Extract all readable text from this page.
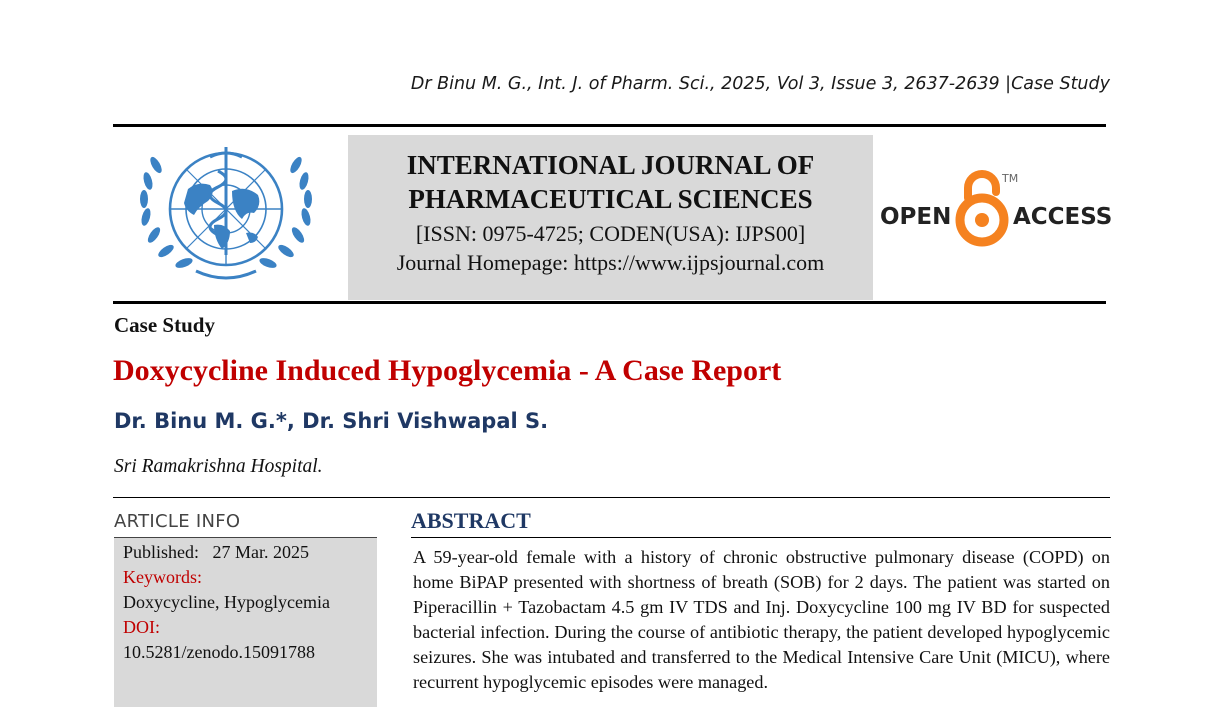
Dr Binu M. G., Int. J. of Pharm. Sci., 2025, Vol 3, Issue 3, 2637-2639 |Case Study
INTERNATIONAL JOURNAL OF
PHARMACEUTICAL SCIENCES
[ISSN: 0975-4725; CODEN(USA): IJPS00]
Journal Homepage: https://www.ijpsjournal.com
OPEN
TM
ACCESS
Case Study
Doxycycline Induced Hypoglycemia - A Case Report
Dr. Binu M. G.*, Dr. Shri Vishwapal S.
Sri Ramakrishna Hospital.
ARTICLE INFO
Published:   27 Mar. 2025
Keywords:
Doxycycline, Hypoglycemia
DOI:
10.5281/zenodo.15091788
ABSTRACT

A 59-year-old female with a history of chronic obstructive pulmonary disease (COPD) on home BiPAP presented with shortness of breath (SOB) for 2 days. The patient was started on Piperacillin + Tazobactam 4.5 gm IV TDS and Inj. Doxycycline 100 mg IV BD for suspected bacterial infection. During the course of antibiotic therapy, the patient developed hypoglycemic seizures. She was intubated and transferred to the Medical Intensive Care Unit (MICU), where recurrent hypoglycemic episodes were managed.
